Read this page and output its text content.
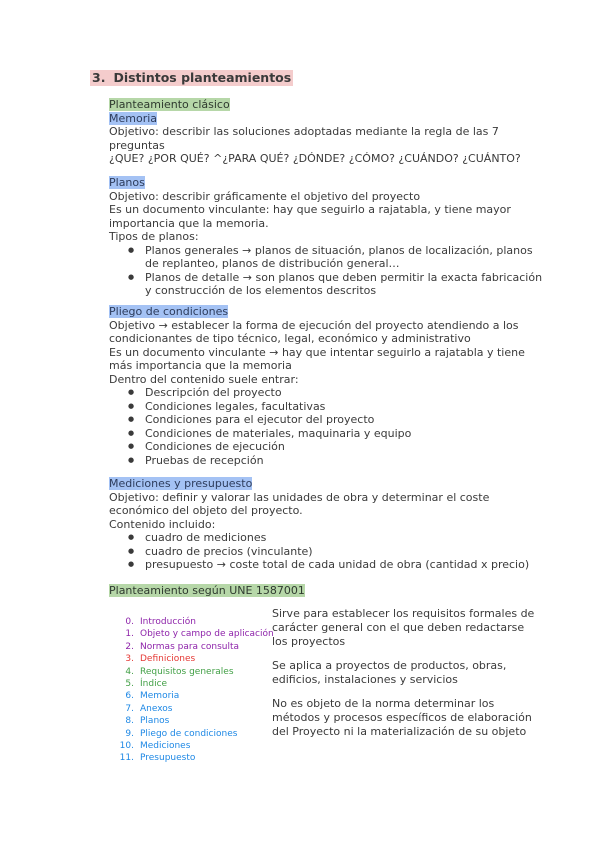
3. Distintos planteamientos
Planteamiento clásico
Memoria
Objetivo: describir las soluciones adoptadas mediante la regla de las 7
preguntas
¿QUE? ¿POR QUÉ? ^¿PARA QUÉ? ¿DÓNDE? ¿CÓMO? ¿CUÁNDO? ¿CUÁNTO?
Planos
Objetivo: describir gráficamente el objetivo del proyecto
Es un documento vinculante: hay que seguirlo a rajatabla, y tiene mayor
importancia que la memoria.
Tipos de planos:
● Planos generales → planos de situación, planos de localización, planos
de replanteo, planos de distribución general…
● Planos de detalle → son planos que deben permitir la exacta fabricación
y construcción de los elementos descritos
Pliego de condiciones
Objetivo → establecer la forma de ejecución del proyecto atendiendo a los
condicionantes de tipo técnico, legal, económico y administrativo
Es un documento vinculante → hay que intentar seguirlo a rajatabla y tiene
más importancia que la memoria
Dentro del contenido suele entrar:
● Descripción del proyecto
● Condiciones legales, facultativas
● Condiciones para el ejecutor del proyecto
● Condiciones de materiales, maquinaria y equipo
● Condiciones de ejecución
● Pruebas de recepción
Mediciones y presupuesto
Objetivo: definir y valorar las unidades de obra y determinar el coste
económico del objeto del proyecto.
Contenido incluido:
● cuadro de mediciones
● cuadro de precios (vinculante)
● presupuesto → coste total de cada unidad de obra (cantidad x precio)
Planteamiento según UNE 1587001
0. Introducción
1. Objeto y campo de aplicación
2. Normas para consulta
3. Definiciones
4. Requisitos generales
5. Índice
6. Memoria
7. Anexos
8. Planos
9. Pliego de condiciones
10. Mediciones
11. Presupuesto

Sirve para establecer los requisitos formales de
carácter general con el que deben redactarse
los proyectos

Se aplica a proyectos de productos, obras,
edificios, instalaciones y servicios

No es objeto de la norma determinar los
métodos y procesos específicos de elaboración
del Proyecto ni la materialización de su objeto
